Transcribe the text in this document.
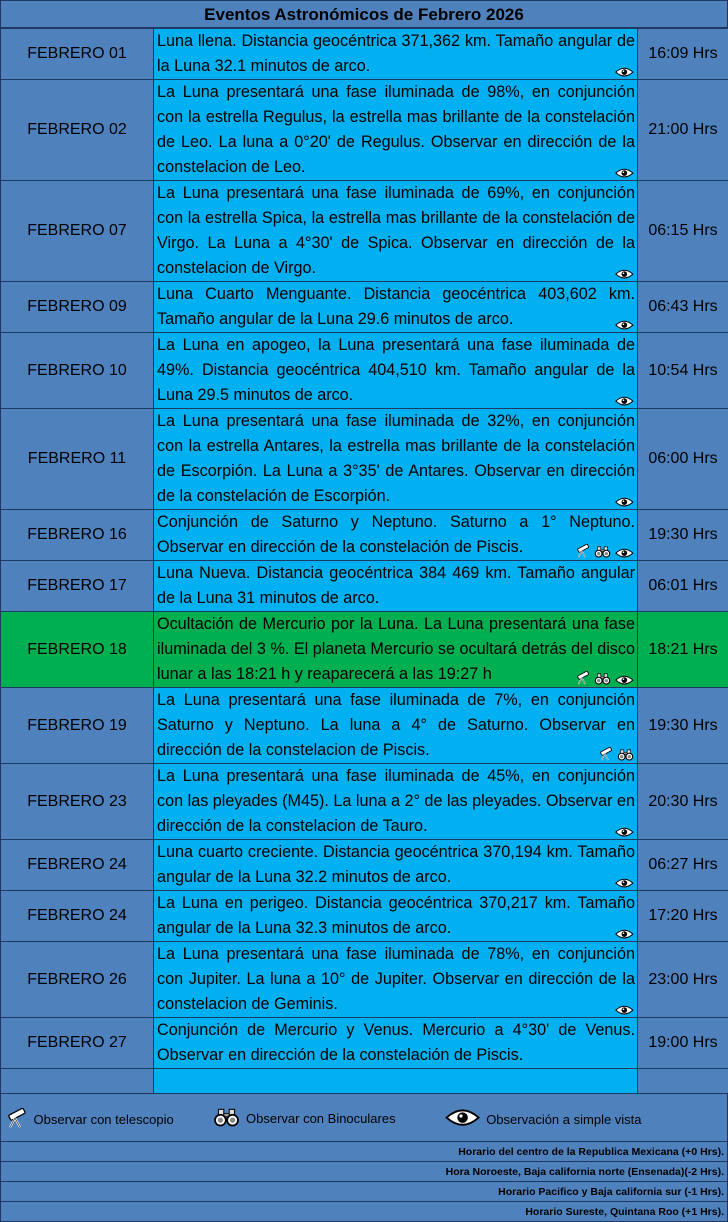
Eventos Astronómicos de Febrero 2026
FEBRERO 01	Luna llena. Distancia geocéntrica 371,362 km. Tamaño angular de la Luna 32.1 minutos de arco.	16:09 Hrs
FEBRERO 02	La Luna presentará una fase iluminada de 98%, en conjunción con la estrella Regulus, la estrella mas brillante de la constelación de Leo. La luna a 0°20' de Regulus. Observar en dirección de la constelacion de Leo.	21:00 Hrs
FEBRERO 07	La Luna presentará una fase iluminada de 69%, en conjunción con la estrella Spica, la estrella mas brillante de la constelación de Virgo. La Luna a 4°30' de Spica. Observar en dirección de la constelacion de Virgo.	06:15 Hrs
FEBRERO 09	Luna Cuarto Menguante. Distancia geocéntrica 403,602 km. Tamaño angular de la Luna 29.6 minutos de arco.	06:43 Hrs
FEBRERO 10	La Luna en apogeo, la Luna presentará una fase iluminada de 49%. Distancia geocéntrica 404,510 km. Tamaño angular de la Luna 29.5 minutos de arco.	10:54 Hrs
FEBRERO 11	La Luna presentará una fase iluminada de 32%, en conjunción con la estrella Antares, la estrella mas brillante de la constelación de Escorpión. La Luna a 3°35' de Antares. Observar en dirección de la constelación de Escorpión.	06:00 Hrs
FEBRERO 16	Conjunción de Saturno y Neptuno. Saturno a 1° Neptuno. Observar en dirección de la constelación de Piscis.	19:30 Hrs
FEBRERO 17	Luna Nueva. Distancia geocéntrica 384 469 km. Tamaño angular de la Luna 31 minutos de arco.	06:01 Hrs
FEBRERO 18	Ocultación de Mercurio por la Luna. La Luna presentará una fase iluminada del 3 %. El planeta Mercurio se ocultará detrás del disco lunar a las 18:21 h y reaparecerá a las 19:27 h	18:21 Hrs
FEBRERO 19	La Luna presentará una fase iluminada de 7%, en conjunción Saturno y Neptuno. La luna a 4° de Saturno. Observar en dirección de la constelacion de Piscis.	19:30 Hrs
FEBRERO 23	La Luna presentará una fase iluminada de 45%, en conjunción con las pleyades (M45). La luna a 2° de las pleyades. Observar en dirección de la constelacion de Tauro.	20:30 Hrs
FEBRERO 24	Luna cuarto creciente. Distancia geocéntrica 370,194 km. Tamaño angular de la Luna 32.2 minutos de arco.	06:27 Hrs
FEBRERO 24	La Luna en perigeo. Distancia geocéntrica 370,217 km. Tamaño angular de la Luna 32.3 minutos de arco.	17:20 Hrs
FEBRERO 26	La Luna presentará una fase iluminada de 78%, en conjunción con Jupiter. La luna a 10° de Jupiter. Observar en dirección de la constelacion de Geminis.	23:00 Hrs
FEBRERO 27	Conjunción de Mercurio y Venus. Mercurio a 4°30' de Venus. Observar en dirección de la constelación de Piscis.	19:00 Hrs

Observar con telescopio	Observar con Binoculares	Observación a simple vista
Horario del centro de la Republica Mexicana (+0 Hrs).
Hora Noroeste, Baja california norte (Ensenada)(-2 Hrs).
Horario Pacifico y Baja california sur (-1 Hrs).
Horario Sureste, Quintana Roo (+1 Hrs).
